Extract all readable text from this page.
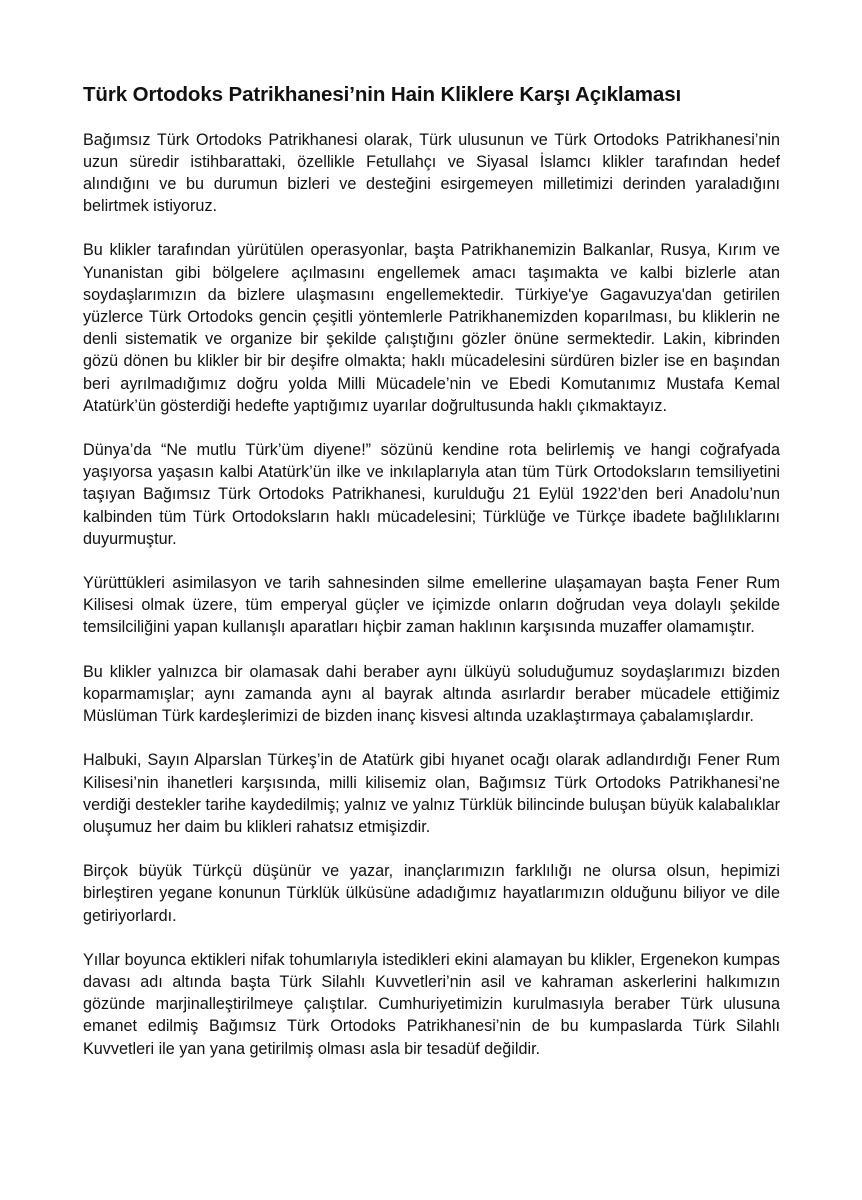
Türk Ortodoks Patrikhanesi’nin Hain Kliklere Karşı Açıklaması

Bağımsız Türk Ortodoks Patrikhanesi olarak, Türk ulusunun ve Türk Ortodoks Patrikhanesi’nin uzun süredir istihbarattaki, özellikle Fetullahçı ve Siyasal İslamcı klikler tarafından hedef alındığını ve bu durumun bizleri ve desteğini esirgemeyen milletimizi derinden yaraladığını belirtmek istiyoruz.

Bu klikler tarafından yürütülen operasyonlar, başta Patrikhanemizin Balkanlar, Rusya, Kırım ve Yunanistan gibi bölgelere açılmasını engellemek amacı taşımakta ve kalbi bizlerle atan soydaşlarımızın da bizlere ulaşmasını engellemektedir. Türkiye'ye Gagavuzya'dan getirilen yüzlerce Türk Ortodoks gencin çeşitli yöntemlerle Patrikhanemizden koparılması, bu kliklerin ne denli sistematik ve organize bir şekilde çalıştığını gözler önüne sermektedir. Lakin, kibrinden gözü dönen bu klikler bir bir deşifre olmakta; haklı mücadelesini sürdüren bizler ise en başından beri ayrılmadığımız doğru yolda Milli Mücadele’nin ve Ebedi Komutanımız Mustafa Kemal Atatürk’ün gösterdiği hedefte yaptığımız uyarılar doğrultusunda haklı çıkmaktayız.

Dünya’da “Ne mutlu Türk’üm diyene!” sözünü kendine rota belirlemiş ve hangi coğrafyada yaşıyorsa yaşasın kalbi Atatürk’ün ilke ve inkılaplarıyla atan tüm Türk Ortodoksların temsiliyetini taşıyan Bağımsız Türk Ortodoks Patrikhanesi, kurulduğu 21 Eylül 1922’den beri Anadolu’nun kalbinden tüm Türk Ortodoksların haklı mücadelesini; Türklüğe ve Türkçe ibadete bağlılıklarını duyurmuştur.

Yürüttükleri asimilasyon ve tarih sahnesinden silme emellerine ulaşamayan başta Fener Rum Kilisesi olmak üzere, tüm emperyal güçler ve içimizde onların doğrudan veya dolaylı şekilde temsilciliğini yapan kullanışlı aparatları hiçbir zaman haklının karşısında muzaffer olamamıştır.

Bu klikler yalnızca bir olamasak dahi beraber aynı ülküyü soluduğumuz soydaşlarımızı bizden koparmamışlar; aynı zamanda aynı al bayrak altında asırlardır beraber mücadele ettiğimiz Müslüman Türk kardeşlerimizi de bizden inanç kisvesi altında uzaklaştırmaya çabalamışlardır.

Halbuki, Sayın Alparslan Türkeş’in de Atatürk gibi hıyanet ocağı olarak adlandırdığı Fener Rum Kilisesi’nin ihanetleri karşısında, milli kilisemiz olan, Bağımsız Türk Ortodoks Patrikhanesi’ne verdiği destekler tarihe kaydedilmiş; yalnız ve yalnız Türklük bilincinde buluşan büyük kalabalıklar oluşumuz her daim bu klikleri rahatsız etmişizdir.

Birçok büyük Türkçü düşünür ve yazar, inançlarımızın farklılığı ne olursa olsun, hepimizi birleştiren yegane konunun Türklük ülküsüne adadığımız hayatlarımızın olduğunu biliyor ve dile getiriyorlardı.

Yıllar boyunca ektikleri nifak tohumlarıyla istedikleri ekini alamayan bu klikler, Ergenekon kumpas davası adı altında başta Türk Silahlı Kuvvetleri’nin asil ve kahraman askerlerini halkımızın gözünde marjinalleştirilmeye çalıştılar. Cumhuriyetimizin kurulmasıyla beraber Türk ulusuna emanet edilmiş Bağımsız Türk Ortodoks Patrikhanesi’nin de bu kumpaslarda Türk Silahlı Kuvvetleri ile yan yana getirilmiş olması asla bir tesadüf değildir.
